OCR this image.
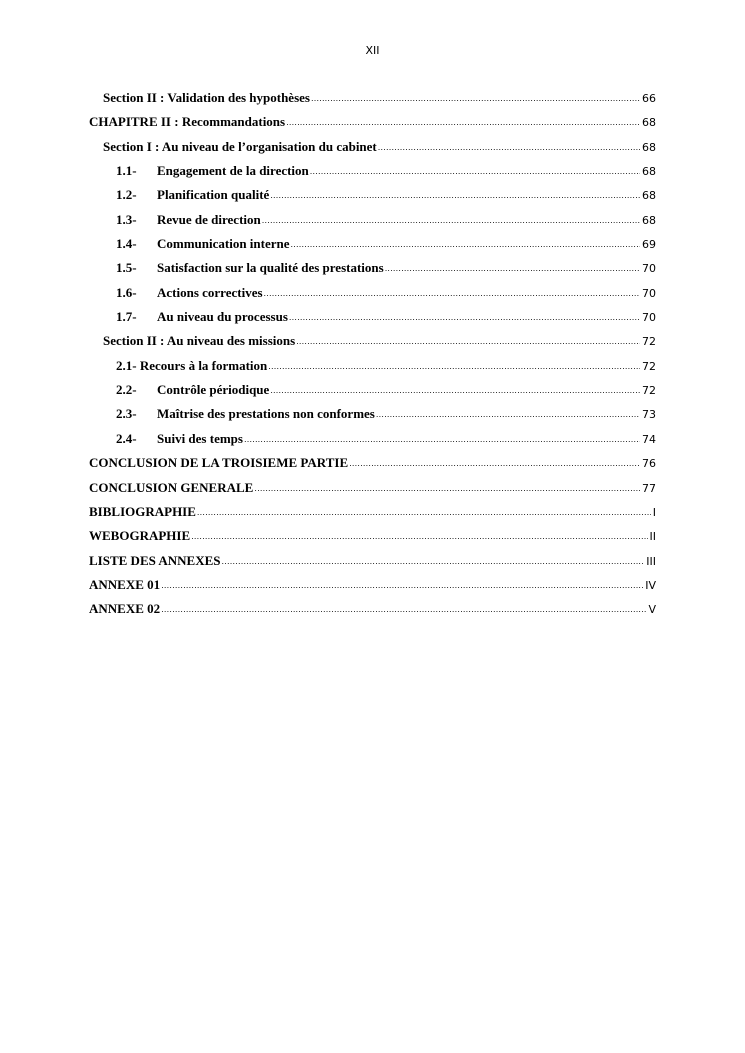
XII
Section II : Validation des hypothèses .....	66
CHAPITRE II : Recommandations .....	68
Section I : Au niveau de l’organisation du cabinet .....	68
1.1-	Engagement de la direction .....	68
1.2-	Planification qualité .....	68
1.3-	Revue de direction .....	68
1.4-	Communication interne .....	69
1.5-	Satisfaction sur la qualité des prestations .....	70
1.6-	Actions correctives .....	70
1.7-	Au niveau du processus .....	70
Section II : Au niveau des missions .....	72
2.1- Recours à la formation .....	72
2.2-	Contrôle périodique .....	72
2.3-	Maîtrise des prestations non conformes .....	73
2.4-	Suivi des temps .....	74
CONCLUSION DE LA TROISIEME PARTIE .....	76
CONCLUSION GENERALE .....	77
BIBLIOGRAPHIE .....	I
WEBOGRAPHIE .....	II
LISTE DES ANNEXES .....	III
ANNEXE 01 .....	IV
ANNEXE 02 .....	V
